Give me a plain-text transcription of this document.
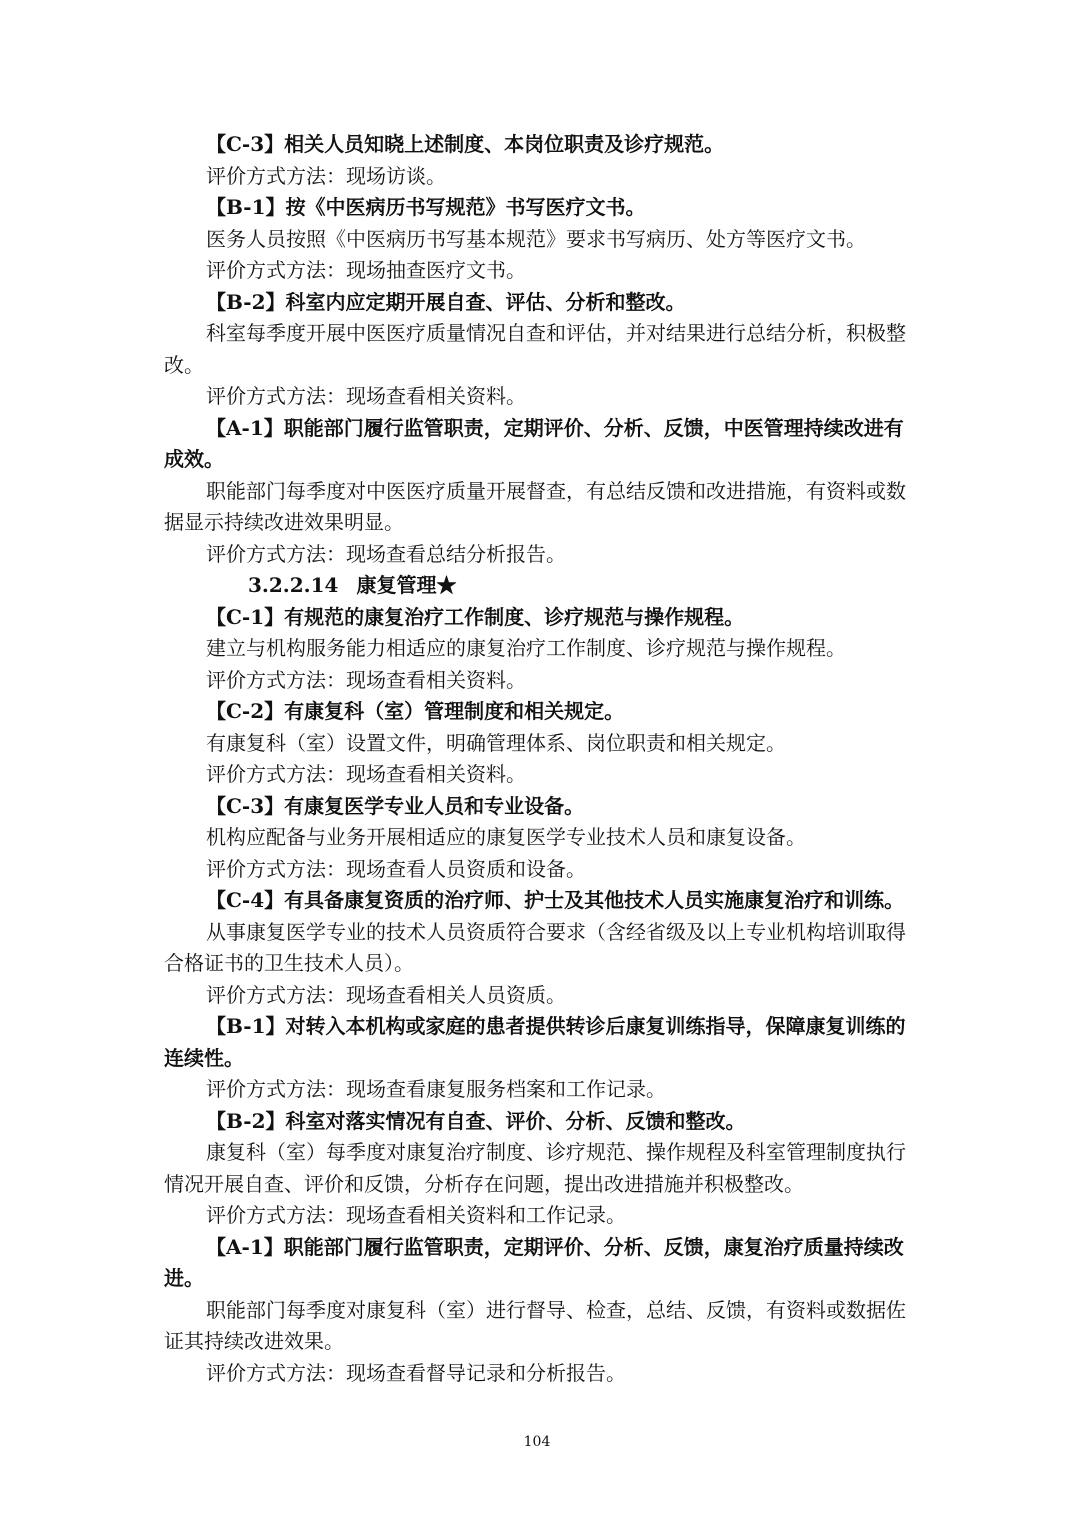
【C-3】相关人员知晓上述制度、本岗位职责及诊疗规范。

评价方式方法：现场访谈。

【B-1】按《中医病历书写规范》书写医疗文书。

医务人员按照《中医病历书写基本规范》要求书写病历、处方等医疗文书。

评价方式方法：现场抽查医疗文书。

【B-2】科室内应定期开展自查、评估、分析和整改。

科室每季度开展中医医疗质量情况自查和评估，并对结果进行总结分析，积极整改。

评价方式方法：现场查看相关资料。

【A-1】职能部门履行监管职责，定期评价、分析、反馈，中医管理持续改进有成效。

职能部门每季度对中医医疗质量开展督查，有总结反馈和改进措施，有资料或数据显示持续改进效果明显。

评价方式方法：现场查看总结分析报告。

3.2.2.14 康复管理★

【C-1】有规范的康复治疗工作制度、诊疗规范与操作规程。

建立与机构服务能力相适应的康复治疗工作制度、诊疗规范与操作规程。

评价方式方法：现场查看相关资料。

【C-2】有康复科（室）管理制度和相关规定。

有康复科（室）设置文件，明确管理体系、岗位职责和相关规定。

评价方式方法：现场查看相关资料。

【C-3】有康复医学专业人员和专业设备。

机构应配备与业务开展相适应的康复医学专业技术人员和康复设备。

评价方式方法：现场查看人员资质和设备。

【C-4】有具备康复资质的治疗师、护士及其他技术人员实施康复治疗和训练。

从事康复医学专业的技术人员资质符合要求（含经省级及以上专业机构培训取得合格证书的卫生技术人员）。

评价方式方法：现场查看相关人员资质。

【B-1】对转入本机构或家庭的患者提供转诊后康复训练指导，保障康复训练的连续性。

评价方式方法：现场查看康复服务档案和工作记录。

【B-2】科室对落实情况有自查、评价、分析、反馈和整改。

康复科（室）每季度对康复治疗制度、诊疗规范、操作规程及科室管理制度执行情况开展自查、评价和反馈，分析存在问题，提出改进措施并积极整改。

评价方式方法：现场查看相关资料和工作记录。

【A-1】职能部门履行监管职责，定期评价、分析、反馈，康复治疗质量持续改进。

职能部门每季度对康复科（室）进行督导、检查，总结、反馈，有资料或数据佐证其持续改进效果。

评价方式方法：现场查看督导记录和分析报告。

104
